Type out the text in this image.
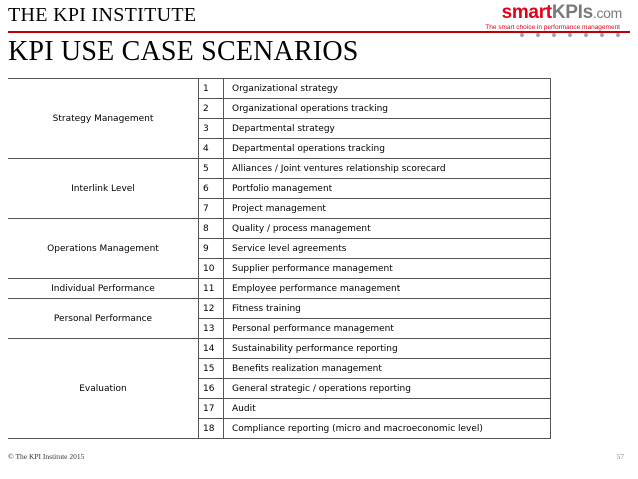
THE KPI INSTITUTE	smartKPIs.com
The smart choice in performance management
KPI USE CASE SCENARIOS
Strategy Management	1	Organizational strategy
	2	Organizational operations tracking
	3	Departmental strategy
	4	Departmental operations tracking
Interlink Level	5	Alliances / Joint ventures relationship scorecard
	6	Portfolio management
	7	Project management
Operations Management	8	Quality / process management
	9	Service level agreements
	10	Supplier performance management
Individual Performance	11	Employee performance management
Personal Performance	12	Fitness training
	13	Personal performance management
Evaluation	14	Sustainability performance reporting
	15	Benefits realization management
	16	General strategic / operations reporting
	17	Audit
	18	Compliance reporting (micro and macroeconomic level)
© The KPI Institute 2015	57
